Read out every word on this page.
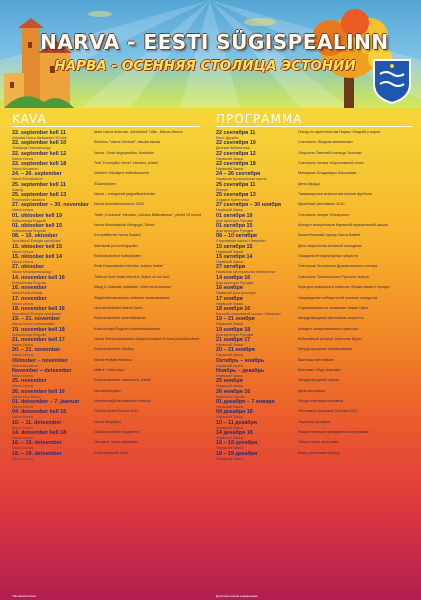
NARVA - EESTI SÜGISPEALINN
НАРВА - ОСЕННЯЯ СТОЛИЦА ЭСТОНИИ
KAVA	ПРОГРАММА
22. september kell 11
võidukai Narva Aleksanteri 20 kirik
Mark Narva ümbruse „Merekõnd“ Ulila - Narva-Jõesuu
22. september kell 10
Teatrikoja Raamatukogu
Eksekus "Vaene hirvetall", tasuba tasuta
22. september kell 12
Narva Linnus
Narva - Eesti sügispealinn. Avaüritus
22. september kell 18
Narva Muuseum
Teat "Kuningliku hirmu" etendus, piletid
24. – 26. september
Narva Muusikakool
Vladimir Nikolajevi mälestusturniir
25. september kell 11
Joaorg
Südamepäev
25. september kell 13
Kreenholmi staadion
Narva – Ivangorodi jalgpallikohtumise
27. september – 30. november
Narva Linnus
Narva muusikamuuseum 2010
01. oktoober kell 19
Kultuurimaja Rugodiv
Teatri „Konkulus“ etendus „Ustutus Bilkiloatesse“, piletid 15 krooni
01. oktoober kell 15
Kultuurimaja Rugodiv
Narva Muusikakooli ühinguga "Ukina"
08. – 10. oktoober
Spordikooli Energia spordisaal
Korvpalliturniir Narva Basket
15. oktoober kell 15
Narva Linnus
Aktivisatis ja loomingupäev
15. oktoober kell 14
Narva Linnus
Rahvusvaheline kultuuripäev
27. oktoober
Narva Keskraamatukogu
Eesti Draamateatri etendus „Istutus kastis“
14. november kell 16
Kultuurimaja Rugodiv
Tallinna Vene teatri etendus „Naine on kui kuu“
16. november
Narva Kultuurimaja
Mäng 6. klasside õpilastele „Mele linna kutsuse“
17. november
Narva Linnus
Sügisfestivaliraamatu võistluse autasustamine
18. november kell 16
Spordikooli Energia spordisaal
Ujumisvõistlused Narva Open
19. – 21. november
Narva Linnus kultuurisaalis
Rahvusvaheline operettifestivali
19. november kell 18
Kultuurimaja Rugodiv
Kultuurimaja Rugodiv sümfooniaorkester
21. november kell 17
Narva Linnus
Narva Sümfooniaorkestri dirigendi Anatoli Schura juubelikontsert
20. – 21. november
Narva Linnus
Rahvusvaheline võistlus
Oktoober – november
Narva Muuseum
Narva festivali eeskava
November – detsember
Narva Linnus
Näitus "Ostes koju"
25. november
Narva Linnus
Rahvusvaheline valasturniir, piletid
26. november kell 16
Narva Kino Motvo
Noorteleabipäev
01. detsember – 7. jaanuar
Narva Linnus
Verevesuarjä laudatsitseeri festival
04. detsember kell 16
Narva Linnus
Filmide Motel Estonia 2010
10. – 11. detsember
Narva Linnus
Narva Marjaljuul
14. detsember kell 18
Narva Linnus
Jõulukontsertide programm
16. – 19. detsember
Narva Linnus
Ülevaade uuest ankaaribst
18. – 19. detsember
Narva Linnus
Eesti kultuuride õhtut
22 сентября 11
Мост Дружбы
Поход по окрестностям Нарвы «Ходьба у моря»
22 сентября 10
Детская библиотека
Спектакль «Бедная маленькая»
22 сентября 12
Нарвский Замок
Открытие Осенней столицы Эстонии
22 сентября 18
Нарвский Замок
Спектакль театра «Королевской ночи»
24 – 26 сентября
Нарвская музыкальная школа
Мемориал Владимира Николаева
25 сентября 11
Йоаорг
День сердца
25 сентября 13
Стадион Кренгольм
Товарищеская встреча ветеранов футбола
27 сентября – 30 ноября
Нарвский Замок
Музейный фестиваль 2010
01 октября 19
Дом культуры Ругодив
Спектакль театра «Конкулюс»
01 октября 15
Дом культуры Ругодив
Концерт выпускников Нарвской музыкальной школы
08 – 10 октября
Спортивная школа «Энергия»
Баскетбольный турнир Narva Basket
15 октября 15
Нарвский Замок
День творчества активной молодёжи
15 октября 14
Нарвский Замок
Праздник этнокультурных обществ
27 октября
Нарвская Центральная библиотека
Спектакль Эстонского Драматического театра
14 ноября 16
Дом культуры Ругодив
Спектакль Таллиннского Русского театра
16 ноября
Нарвский Дом культуры
Игра для учащихся 6 классов «Фраки нашего города»
17 ноября
Нарвский Замок
Награждение победителей осенних конкурсов
18 ноября 16
Бассейн спортивной школы «Энергия»
Соревнования по плаванию Нарва Open
19 – 21 ноября
Нарвский Замок
Международный фестиваль оперетты
19 ноября 18
Дом культуры Ругодив
Концерт симфонического оркестра
21 ноября 17
Нарвский Замок
Юбилейный концерт Анатолия Шуры
20 – 21 ноября
Нарвский Замок
Международные соревнования
Октябрь – ноябрь
Нарвский музей
Выставка фестиваля
Ноябрь – декабрь
Нарвский Замок
Выставка «Иду знакомы»
25 ноября
Нарвский Замок
Международный турнир
26 ноября 16
Кинотеатр Мотво
День молодёжи
01 декабря – 7 января
Нарвский Замок
Рождественская выставка
04 декабря 16
Нарвский Замок
Фестиваль фильмов Эстония 2010
10 – 11 декабря
Нарвский Замок
Нарвская ярмарка
14 декабря 18
Нарвский Замок
Рождественская праздничная программа
16 – 19 декабря
Нарвский Замок
Обзор новых программ
18 – 19 декабря
Нарвский Замок
Вечер эстонских культур
Täiendavat teavet:	Дополнительная информация
